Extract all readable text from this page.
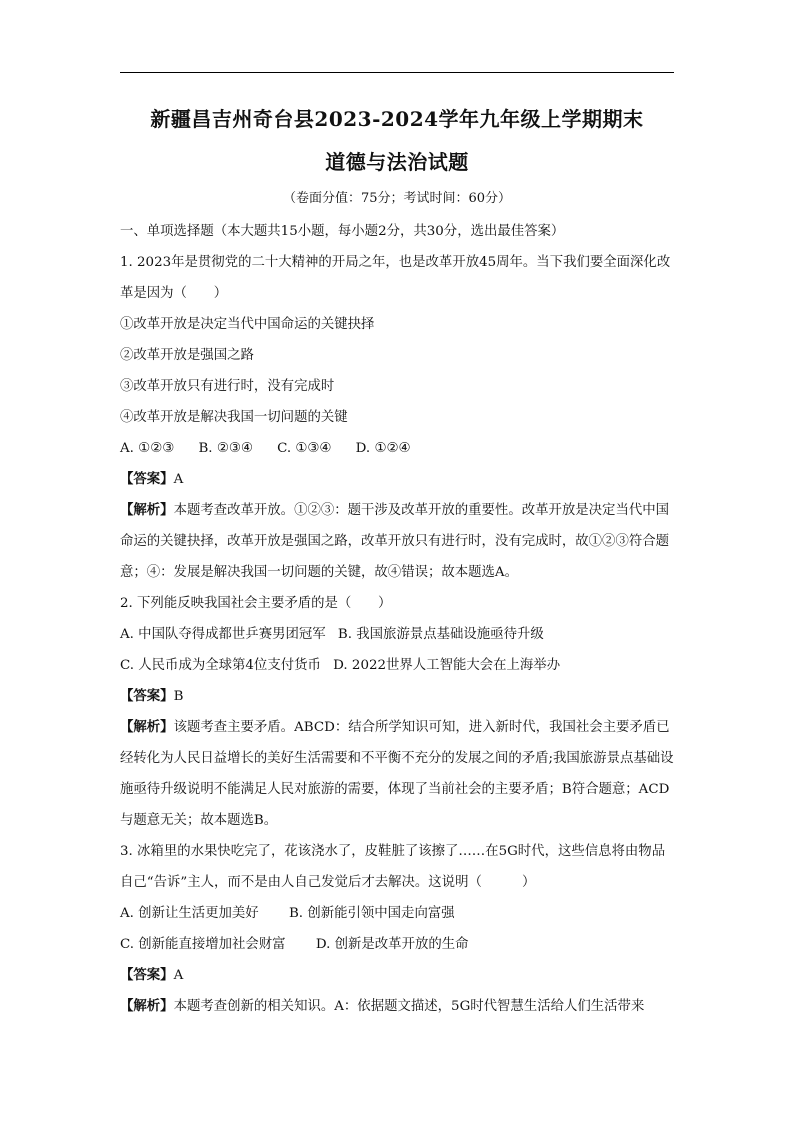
新疆昌吉州奇台县2023-2024学年九年级上学期期末
道德与法治试题
（卷面分值：75分；考试时间：60分）

一、单项选择题（本大题共15小题，每小题2分，共30分，选出最佳答案）

1. 2023年是贯彻党的二十大精神的开局之年，也是改革开放45周年。当下我们要全面深化改革是因为（　　）

①改革开放是决定当代中国命运的关键抉择

②改革开放是强国之路

③改革开放只有进行时，没有完成时

④改革开放是解决我国一切问题的关键

A. ①②③ B. ②③④ C. ①③④ D. ①②④

【答案】A

【解析】本题考查改革开放。①②③：题干涉及改革开放的重要性。改革开放是决定当代中国命运的关键抉择，改革开放是强国之路，改革开放只有进行时，没有完成时，故①②③符合题意；④：发展是解决我国一切问题的关键，故④错误；故本题选A。

2. 下列能反映我国社会主要矛盾的是（　　）

A. 中国队夺得成都世乒赛男团冠军 B. 我国旅游景点基础设施亟待升级

C. 人民币成为全球第4位支付货币 D. 2022世界人工智能大会在上海举办

【答案】B

【解析】该题考查主要矛盾。ABCD：结合所学知识可知，进入新时代，我国社会主要矛盾已经转化为人民日益增长的美好生活需要和不平衡不充分的发展之间的矛盾;我国旅游景点基础设施亟待升级说明不能满足人民对旅游的需要，体现了当前社会的主要矛盾；B符合题意；ACD与题意无关；故本题选B。

3. 冰箱里的水果快吃完了，花该浇水了，皮鞋脏了该擦了……在5G时代，这些信息将由物品自己“告诉”主人，而不是由人自己发觉后才去解决。这说明（　　　）

A. 创新让生活更加美好 B. 创新能引领中国走向富强

C. 创新能直接增加社会财富 D. 创新是改革开放的生命

【答案】A

【解析】本题考查创新的相关知识。A：依据题文描述，5G时代智慧生活给人们生活带来
